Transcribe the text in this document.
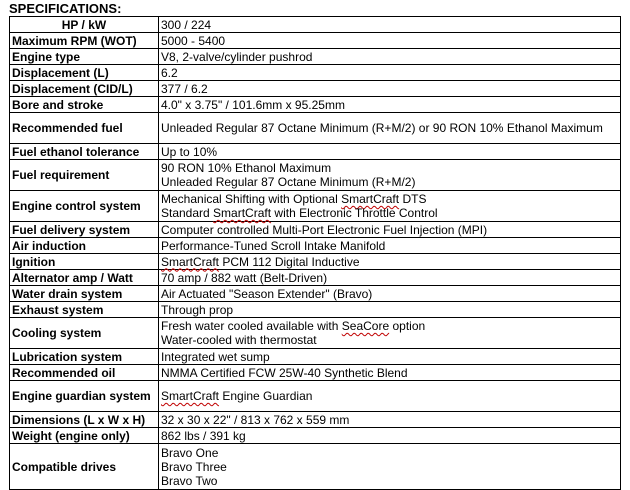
SPECIFICATIONS:
HP / kW	300 / 224
Maximum RPM (WOT)	5000 - 5400
Engine type	V8, 2-valve/cylinder pushrod
Displacement (L)	6.2
Displacement (CID/L)	377 / 6.2
Bore and stroke	4.0" x 3.75" / 101.6mm x 95.25mm
Recommended fuel	Unleaded Regular 87 Octane Minimum (R+M/2) or 90 RON 10% Ethanol Maximum
Fuel ethanol tolerance	Up to 10%
Fuel requirement	90 RON 10% Ethanol Maximum
Unleaded Regular 87 Octane Minimum (R+M/2)

Engine control system	Mechanical Shifting with Optional SmartCraft DTS
Standard SmartCraft with Electronic Throttle Control

Fuel delivery system	Computer controlled Multi-Port Electronic Fuel Injection (MPI)
Air induction	Performance-Tuned Scroll Intake Manifold
Ignition	SmartCraft PCM 112 Digital Inductive
Alternator amp / Watt	70 amp / 882 watt (Belt-Driven)
Water drain system	Air Actuated "Season Extender" (Bravo)
Exhaust system	Through prop
Cooling system	Fresh water cooled available with SeaCore option
Water-cooled with thermostat

Lubrication system	Integrated wet sump
Recommended oil	NMMA Certified FCW 25W-40 Synthetic Blend
Engine guardian system	SmartCraft Engine Guardian
Dimensions (L x W x H)	32 x 30 x 22" / 813 x 762 x 559 mm
Weight (engine only)	862 lbs / 391 kg
Compatible drives	Bravo One
Bravo Three
Bravo Two
